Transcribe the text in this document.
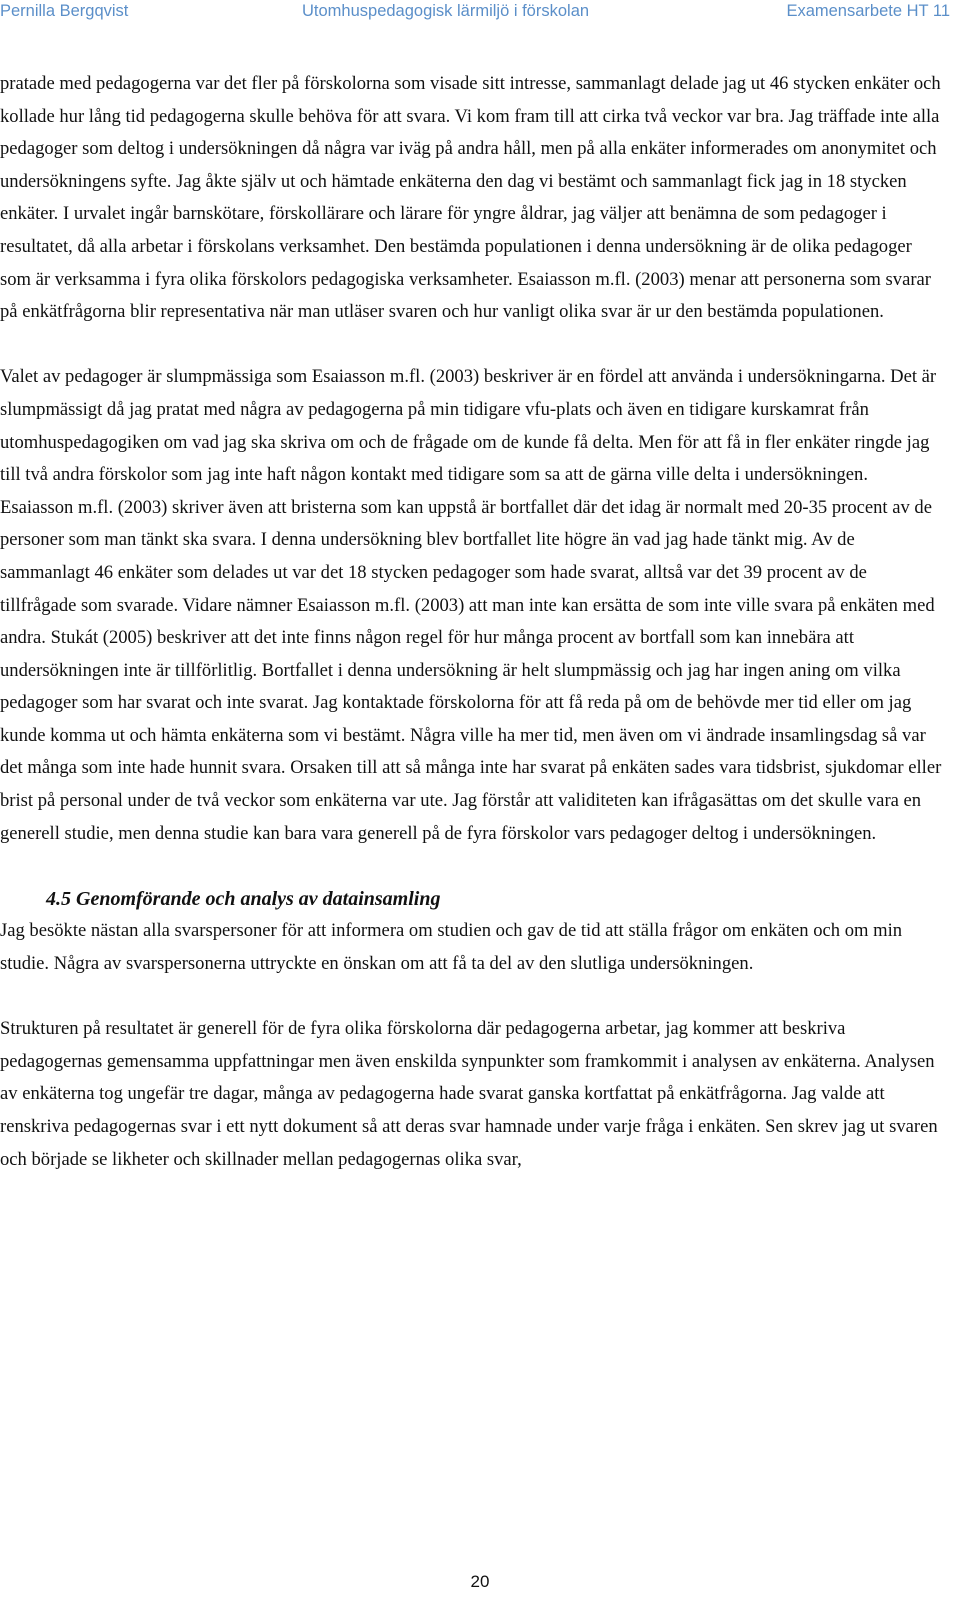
Pernilla Bergqvist	Utomhuspedagogisk lärmiljö i förskolan	Examensarbete HT 11

pratade med pedagogerna var det fler på förskolorna som visade sitt intresse, sammanlagt delade jag ut 46 stycken enkäter och kollade hur lång tid pedagogerna skulle behöva för att svara. Vi kom fram till att cirka två veckor var bra. Jag träffade inte alla pedagoger som deltog i undersökningen då några var iväg på andra håll, men på alla enkäter informerades om anonymitet och undersökningens syfte. Jag åkte själv ut och hämtade enkäterna den dag vi bestämt och sammanlagt fick jag in 18 stycken enkäter. I urvalet ingår barnskötare, förskollärare och lärare för yngre åldrar, jag väljer att benämna de som pedagoger i resultatet, då alla arbetar i förskolans verksamhet. Den bestämda populationen i denna undersökning är de olika pedagoger som är verksamma i fyra olika förskolors pedagogiska verksamheter. Esaiasson m.fl. (2003) menar att personerna som svarar på enkätfrågorna blir representativa när man utläser svaren och hur vanligt olika svar är ur den bestämda populationen.

Valet av pedagoger är slumpmässiga som Esaiasson m.fl. (2003) beskriver är en fördel att använda i undersökningarna. Det är slumpmässigt då jag pratat med några av pedagogerna på min tidigare vfu-plats och även en tidigare kurskamrat från utomhuspedagogiken om vad jag ska skriva om och de frågade om de kunde få delta. Men för att få in fler enkäter ringde jag till två andra förskolor som jag inte haft någon kontakt med tidigare som sa att de gärna ville delta i undersökningen. Esaiasson m.fl. (2003) skriver även att bristerna som kan uppstå är bortfallet där det idag är normalt med 20-35 procent av de personer som man tänkt ska svara. I denna undersökning blev bortfallet lite högre än vad jag hade tänkt mig. Av de sammanlagt 46 enkäter som delades ut var det 18 stycken pedagoger som hade svarat, alltså var det 39 procent av de tillfrågade som svarade. Vidare nämner Esaiasson m.fl. (2003) att man inte kan ersätta de som inte ville svara på enkäten med andra. Stukát (2005) beskriver att det inte finns någon regel för hur många procent av bortfall som kan innebära att undersökningen inte är tillförlitlig. Bortfallet i denna undersökning är helt slumpmässig och jag har ingen aning om vilka pedagoger som har svarat och inte svarat. Jag kontaktade förskolorna för att få reda på om de behövde mer tid eller om jag kunde komma ut och hämta enkäterna som vi bestämt. Några ville ha mer tid, men även om vi ändrade insamlingsdag så var det många som inte hade hunnit svara. Orsaken till att så många inte har svarat på enkäten sades vara tidsbrist, sjukdomar eller brist på personal under de två veckor som enkäterna var ute. Jag förstår att validiteten kan ifrågasättas om det skulle vara en generell studie, men denna studie kan bara vara generell på de fyra förskolor vars pedagoger deltog i undersökningen.

4.5 Genomförande och analys av datainsamling

Jag besökte nästan alla svarspersoner för att informera om studien och gav de tid att ställa frågor om enkäten och om min studie. Några av svarspersonerna uttryckte en önskan om att få ta del av den slutliga undersökningen.

Strukturen på resultatet är generell för de fyra olika förskolorna där pedagogerna arbetar, jag kommer att beskriva pedagogernas gemensamma uppfattningar men även enskilda synpunkter som framkommit i analysen av enkäterna. Analysen av enkäterna tog ungefär tre dagar, många av pedagogerna hade svarat ganska kortfattat på enkätfrågorna. Jag valde att renskriva pedagogernas svar i ett nytt dokument så att deras svar hamnade under varje fråga i enkäten. Sen skrev jag ut svaren och började se likheter och skillnader mellan pedagogernas olika svar,

20
